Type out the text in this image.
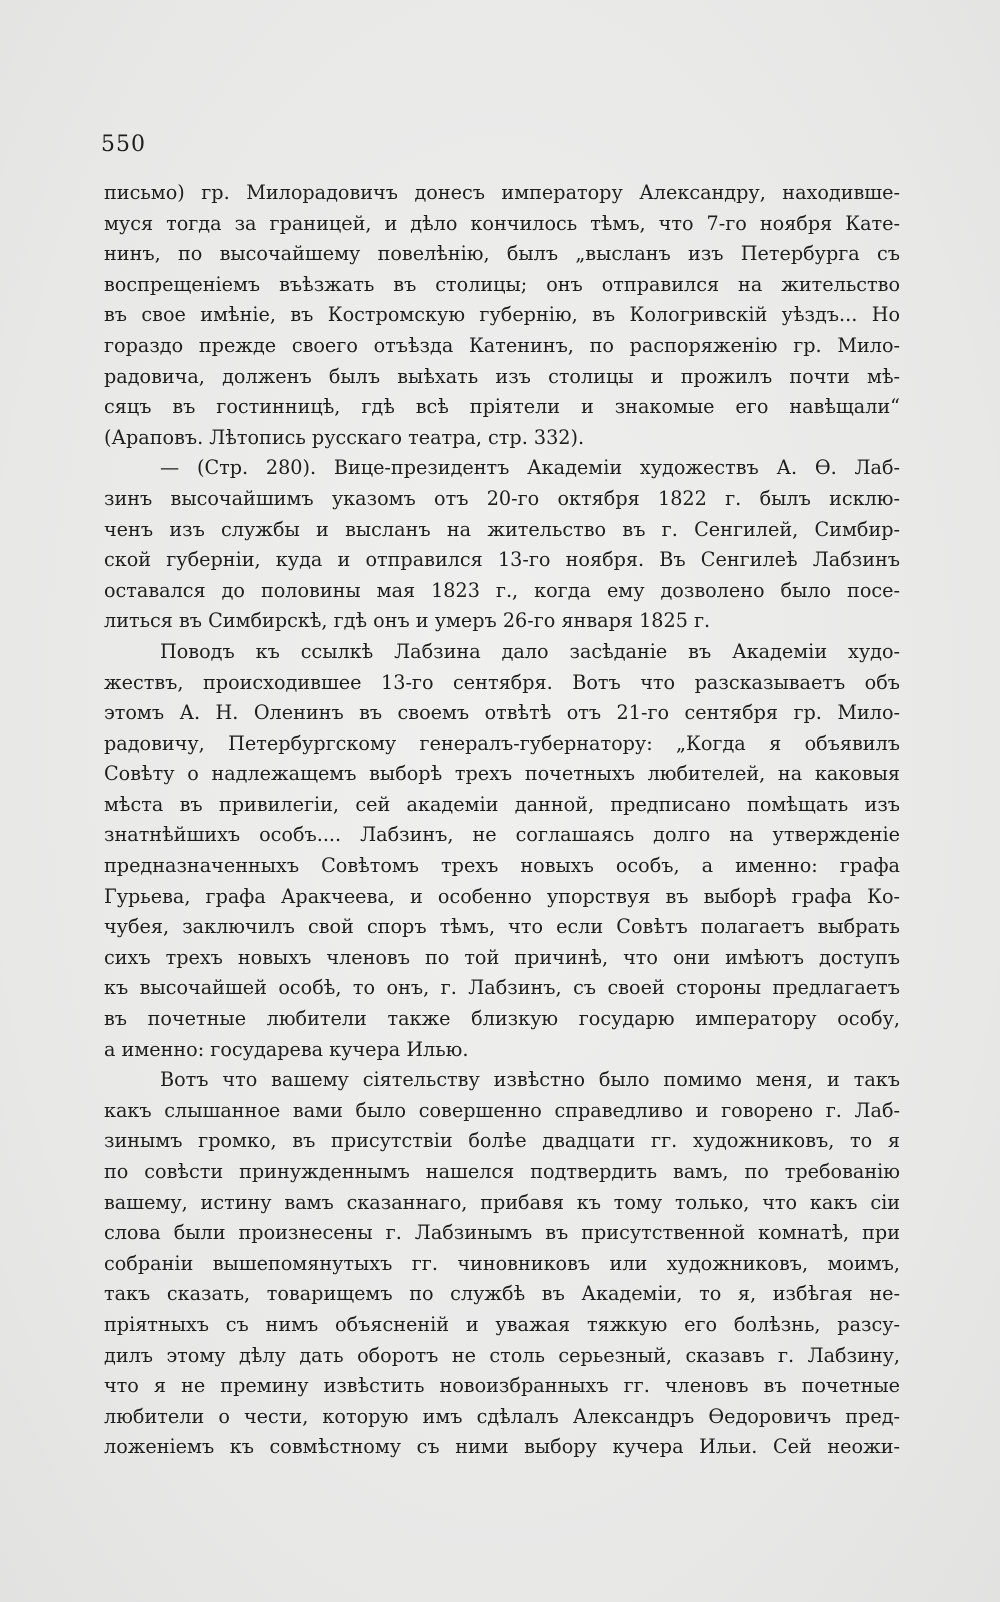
550
письмо) гр. Милорадовичъ донесъ императору Александру, находивше-
муся тогда за границей, и дѣло кончилось тѣмъ, что 7-го ноября Кате-
нинъ, по высочайшему повелѣнію, былъ „высланъ изъ Петербурга съ
воспрещеніемъ въѣзжать въ столицы; онъ отправился на жительство
въ свое имѣніе, въ Костромскую губернію, въ Кологривскій уѣздъ... Но
гораздо прежде своего отъѣзда Катенинъ, по распоряженію гр. Мило-
радовича, долженъ былъ выѣхать изъ столицы и прожилъ почти мѣ-
сяцъ въ гостинницѣ, гдѣ всѣ пріятели и знакомые его навѣщали“
(Араповъ. Лѣтопись русскаго театра, стр. 332).
— (Стр. 280). Вице-президентъ Академіи художествъ А. Ѳ. Лаб-
зинъ высочайшимъ указомъ отъ 20-го октября 1822 г. былъ исклю-
ченъ изъ службы и высланъ на жительство въ г. Сенгилей, Симбир-
ской губерніи, куда и отправился 13-го ноября. Въ Сенгилеѣ Лабзинъ
оставался до половины мая 1823 г., когда ему дозволено было посе-
литься въ Симбирскѣ, гдѣ онъ и умеръ 26-го января 1825 г.
Поводъ къ ссылкѣ Лабзина дало засѣданіе въ Академіи худо-
жествъ, происходившее 13-го сентября. Вотъ что разсказываетъ объ
этомъ А. Н. Оленинъ въ своемъ отвѣтѣ отъ 21-го сентября гр. Мило-
радовичу, Петербургскому генералъ-губернатору: „Когда я объявилъ
Совѣту о надлежащемъ выборѣ трехъ почетныхъ любителей, на каковыя
мѣста въ привилегіи, сей академіи данной, предписано помѣщать изъ
знатнѣйшихъ особъ.... Лабзинъ, не соглашаясь долго на утвержденіе
предназначенныхъ Совѣтомъ трехъ новыхъ особъ, а именно: графа
Гурьева, графа Аракчеева, и особенно упорствуя въ выборѣ графа Ко-
чубея, заключилъ свой споръ тѣмъ, что если Совѣтъ полагаетъ выбрать
сихъ трехъ новыхъ членовъ по той причинѣ, что они имѣютъ доступъ
къ высочайшей особѣ, то онъ, г. Лабзинъ, съ своей стороны предлагаетъ
въ почетные любители также близкую государю императору особу,
а именно: государева кучера Илью.
Вотъ что вашему сіятельству извѣстно было помимо меня, и такъ
какъ слышанное вами было совершенно справедливо и говорено г. Лаб-
зинымъ громко, въ присутствіи болѣе двадцати гг. художниковъ, то я
по совѣсти принужденнымъ нашелся подтвердить вамъ, по требованію
вашему, истину вамъ сказаннаго, прибавя къ тому только, что какъ сіи
слова были произнесены г. Лабзинымъ въ присутственной комнатѣ, при
собраніи вышепомянутыхъ гг. чиновниковъ или художниковъ, моимъ,
такъ сказать, товарищемъ по службѣ въ Академіи, то я, избѣгая не-
пріятныхъ съ нимъ объясненій и уважая тяжкую его болѣзнь, разсу-
дилъ этому дѣлу дать оборотъ не столь серьезный, сказавъ г. Лабзину,
что я не премину извѣстить новоизбранныхъ гг. членовъ въ почетные
любители о чести, которую имъ сдѣлалъ Александръ Ѳедоровичъ пред-
ложеніемъ къ совмѣстному съ ними выбору кучера Ильи. Сей неожи-
